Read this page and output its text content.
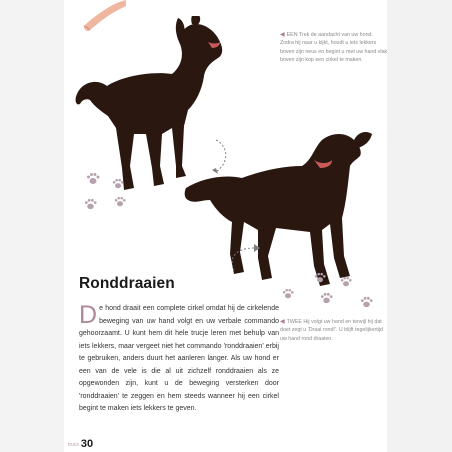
◀ EEN Trek de aandacht van uw hond. Zodra hij naar u kijkt, houdt u iets lekkers boven zijn neus en begint u met uw hand vlak boven zijn kop een cirkel te maken.

◀ TWEE Hij volgt uw hand en terwijl hij dat doet zegt u 'Draai rond!'. U blijft tegelijkertijd uw hand rond draaien.

Ronddraaien

De hond draait een complete cirkel omdat hij de cirkelende beweging van uw hand volgt en uw verbale commando gehoorzaamt. U kunt hem dit hele trucje leren met behulp van iets lekkers, maar vergeet niet het commando 'ronddraaien' erbij te gebruiken, anders duurt het aanleren langer. Als uw hond er een van de vele is die al uit zichzelf ronddraaien als ze opgewonden zijn, kunt u de beweging versterken door 'ronddraaien' te zeggen en hem steeds wanneer hij een cirkel begint te maken iets lekkers te geven.

trucs 30
